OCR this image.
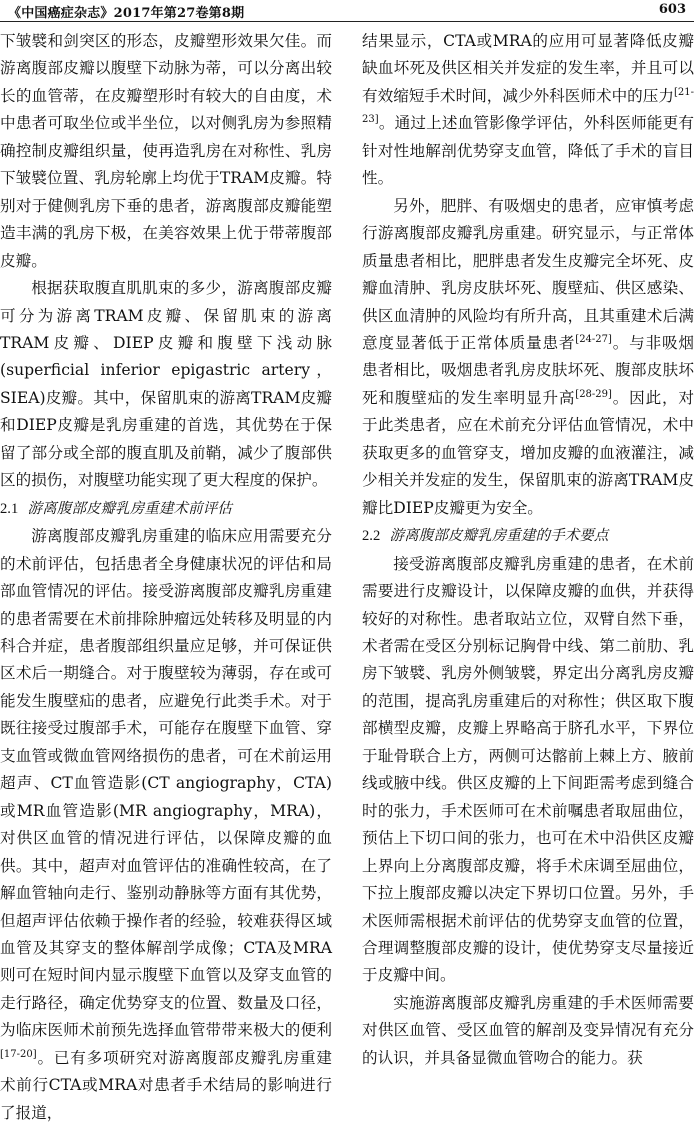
《中国癌症杂志》2017年第27卷第8期	603

下皱襞和剑突区的形态，皮瓣塑形效果欠佳。而游离腹部皮瓣以腹壁下动脉为蒂，可以分离出较长的血管蒂，在皮瓣塑形时有较大的自由度，术中患者可取坐位或半坐位，以对侧乳房为参照精确控制皮瓣组织量，使再造乳房在对称性、乳房下皱襞位置、乳房轮廓上均优于TRAM皮瓣。特别对于健侧乳房下垂的患者，游离腹部皮瓣能塑造丰满的乳房下极，在美容效果上优于带蒂腹部皮瓣。

根据获取腹直肌肌束的多少，游离腹部皮瓣可分为游离TRAM皮瓣、保留肌束的游离TRAM皮瓣、DIEP皮瓣和腹壁下浅动脉(superficial inferior epigastric artery，SIEA)皮瓣。其中，保留肌束的游离TRAM皮瓣和DIEP皮瓣是乳房重建的首选，其优势在于保留了部分或全部的腹直肌及前鞘，减少了腹部供区的损伤，对腹壁功能实现了更大程度的保护。

2.1 游离腹部皮瓣乳房重建术前评估

游离腹部皮瓣乳房重建的临床应用需要充分的术前评估，包括患者全身健康状况的评估和局部血管情况的评估。接受游离腹部皮瓣乳房重建的患者需要在术前排除肿瘤远处转移及明显的内科合并症，患者腹部组织量应足够，并可保证供区术后一期缝合。对于腹壁较为薄弱，存在或可能发生腹壁疝的患者，应避免行此类手术。对于既往接受过腹部手术，可能存在腹壁下血管、穿支血管或微血管网络损伤的患者，可在术前运用超声、CT血管造影(CT angiography，CTA)或MR血管造影(MR angiography，MRA)，对供区血管的情况进行评估，以保障皮瓣的血供。其中，超声对血管评估的准确性较高，在了解血管轴向走行、鉴别动静脉等方面有其优势，但超声评估依赖于操作者的经验，较难获得区域血管及其穿支的整体解剖学成像；CTA及MRA则可在短时间内显示腹壁下血管以及穿支血管的走行路径，确定优势穿支的位置、数量及口径，为临床医师术前预先选择血管带带来极大的便利[17-20]。已有多项研究对游离腹部皮瓣乳房重建术前行CTA或MRA对患者手术结局的影响进行了报道，

结果显示，CTA或MRA的应用可显著降低皮瓣缺血坏死及供区相关并发症的发生率，并且可以有效缩短手术时间，减少外科医师术中的压力[21-23]。通过上述血管影像学评估，外科医师能更有针对性地解剖优势穿支血管，降低了手术的盲目性。

另外，肥胖、有吸烟史的患者，应审慎考虑行游离腹部皮瓣乳房重建。研究显示，与正常体质量患者相比，肥胖患者发生皮瓣完全坏死、皮瓣血清肿、乳房皮肤坏死、腹壁疝、供区感染、供区血清肿的风险均有所升高，且其重建术后满意度显著低于正常体质量患者[24-27]。与非吸烟患者相比，吸烟患者乳房皮肤坏死、腹部皮肤坏死和腹壁疝的发生率明显升高[28-29]。因此，对于此类患者，应在术前充分评估血管情况，术中获取更多的血管穿支，增加皮瓣的血液灌注，减少相关并发症的发生，保留肌束的游离TRAM皮瓣比DIEP皮瓣更为安全。

2.2 游离腹部皮瓣乳房重建的手术要点

接受游离腹部皮瓣乳房重建的患者，在术前需要进行皮瓣设计，以保障皮瓣的血供，并获得较好的对称性。患者取站立位，双臂自然下垂，术者需在受区分别标记胸骨中线、第二前肋、乳房下皱襞、乳房外侧皱襞，界定出分离乳房皮瓣的范围，提高乳房重建后的对称性；供区取下腹部横型皮瓣，皮瓣上界略高于脐孔水平，下界位于耻骨联合上方，两侧可达髂前上棘上方、腋前线或腋中线。供区皮瓣的上下间距需考虑到缝合时的张力，手术医师可在术前嘱患者取屈曲位，预估上下切口间的张力，也可在术中沿供区皮瓣上界向上分离腹部皮瓣，将手术床调至屈曲位，下拉上腹部皮瓣以决定下界切口位置。另外，手术医师需根据术前评估的优势穿支血管的位置，合理调整腹部皮瓣的设计，使优势穿支尽量接近于皮瓣中间。

实施游离腹部皮瓣乳房重建的手术医师需要对供区血管、受区血管的解剖及变异情况有充分的认识，并具备显微血管吻合的能力。获
